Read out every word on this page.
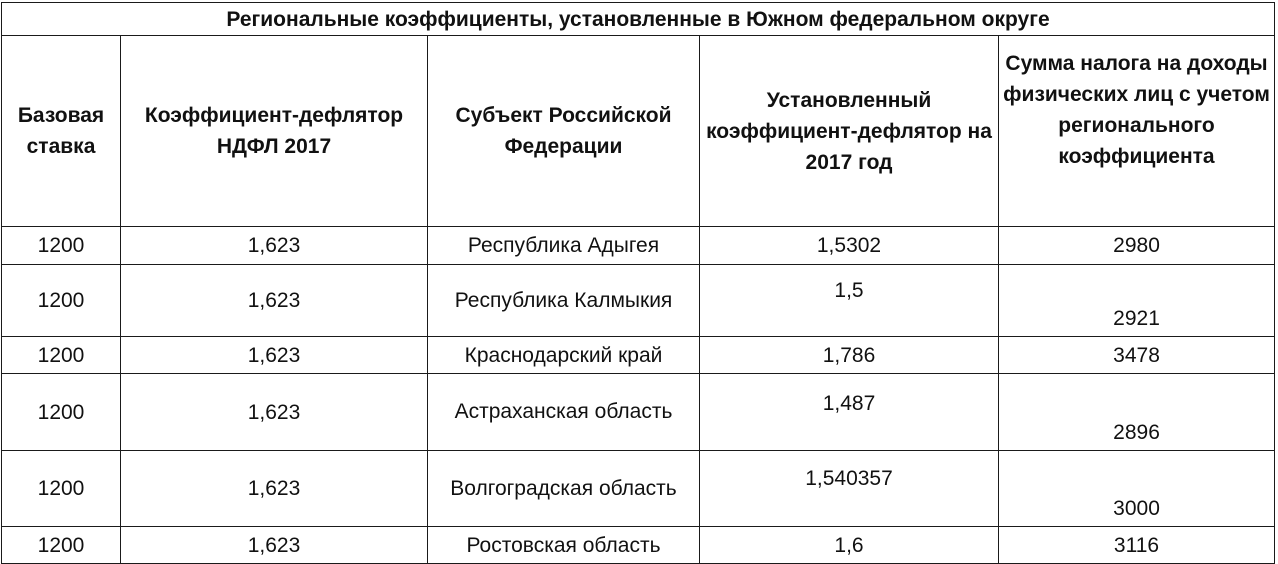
Региональные коэффициенты, установленные в Южном федеральном округе				
Базовая ставка	Коэффициент-дефлятор НДФЛ 2017	Субъект Российской Федерации	Установленный коэффициент-дефлятор на 2017 год	Сумма налога на доходы физических лиц с учетом регионального коэффициента
1200	1,623	Республика Адыгея	1,5302	2980
1200	1,623	Республика Калмыкия	1,5	2921
1200	1,623	Краснодарский край	1,786	3478
1200	1,623	Астраханская область	1,487	2896
1200	1,623	Волгоградская область	1,540357	3000
1200	1,623	Ростовская область	1,6	3116
